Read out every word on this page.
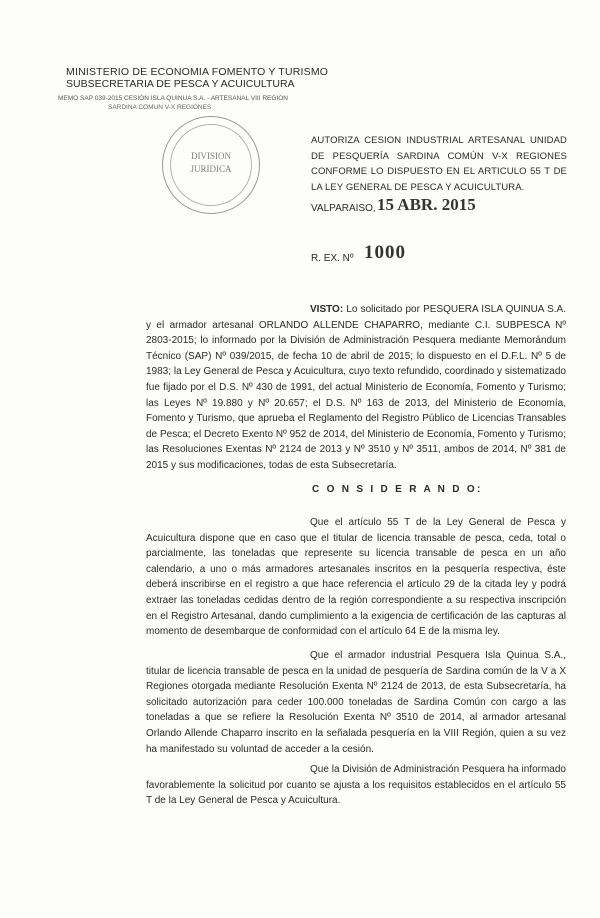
MINISTERIO DE ECONOMIA FOMENTO Y TURISMO
SUBSECRETARIA DE PESCA Y ACUICULTURA
MEMO SAP 039-2015 CESIÓN ISLA QUINUA S.A. - ARTESANAL VIII REGION
SARDINA COMUN V-X REGIONES
DIVISION
JURIDICA
AUTORIZA CESION INDUSTRIAL ARTESANAL UNIDAD DE PESQUERÍA SARDINA COMÚN V-X REGIONES CONFORME LO DISPUESTO EN EL ARTICULO 55 T DE LA LEY GENERAL DE PESCA Y ACUICULTURA.
VALPARAISO, 15 ABR. 2015
R. EX. Nº 1000
VISTO: Lo solicitado por PESQUERA ISLA QUINUA S.A. y el armador artesanal ORLANDO ALLENDE CHAPARRO, mediante C.I. SUBPESCA Nº 2803-2015; lo informado por la División de Administración Pesquera mediante Memorándum Técnico (SAP) Nº 039/2015, de fecha 10 de abril de 2015; lo dispuesto en el D.F.L. Nº 5 de 1983; la Ley General de Pesca y Acuicultura, cuyo texto refundido, coordinado y sistematizado fue fijado por el D.S. Nº 430 de 1991, del actual Ministerio de Economía, Fomento y Turismo; las Leyes Nº 19.880 y Nº 20.657; el D.S. Nº 163 de 2013, del Ministerio de Economía, Fomento y Turismo, que aprueba el Reglamento del Registro Público de Licencias Transables de Pesca; el Decreto Exento Nº 952 de 2014, del Ministerio de Economía, Fomento y Turismo; las Resoluciones Exentas Nº 2124 de 2013 y Nº 3510 y Nº 3511, ambos de 2014, Nº 381 de 2015 y sus modificaciones, todas de esta Subsecretaría.
C O N S I D E R A N D O:
Que el artículo 55 T de la Ley General de Pesca y Acuicultura dispone que en caso que el titular de licencia transable de pesca, ceda, total o parcialmente, las toneladas que represente su licencia transable de pesca en un año calendario, a uno o más armadores artesanales inscritos en la pesquería respectiva, éste deberá inscribirse en el registro a que hace referencia el artículo 29 de la citada ley y podrá extraer las toneladas cedidas dentro de la región correspondiente a su respectiva inscripción en el Registro Artesanal, dando cumplimiento a la exigencia de certificación de las capturas al momento de desembarque de conformidad con el artículo 64 E de la misma ley.
Que el armador industrial Pesquera Isla Quinua S.A., titular de licencia transable de pesca en la unidad de pesquería de Sardina común de la V a X Regiones otorgada mediante Resolución Exenta Nº 2124 de 2013, de esta Subsecretaría, ha solicitado autorización para ceder 100.000 toneladas de Sardina Común con cargo a las toneladas a que se refiere la Resolución Exenta Nº 3510 de 2014, al armador artesanal Orlando Allende Chaparro inscrito en la señalada pesquería en la VIII Región, quien a su vez ha manifestado su voluntad de acceder a la cesión.
Que la División de Administración Pesquera ha informado favorablemente la solicitud por cuanto se ajusta a los requisitos establecidos en el artículo 55 T de la Ley General de Pesca y Acuicultura.
